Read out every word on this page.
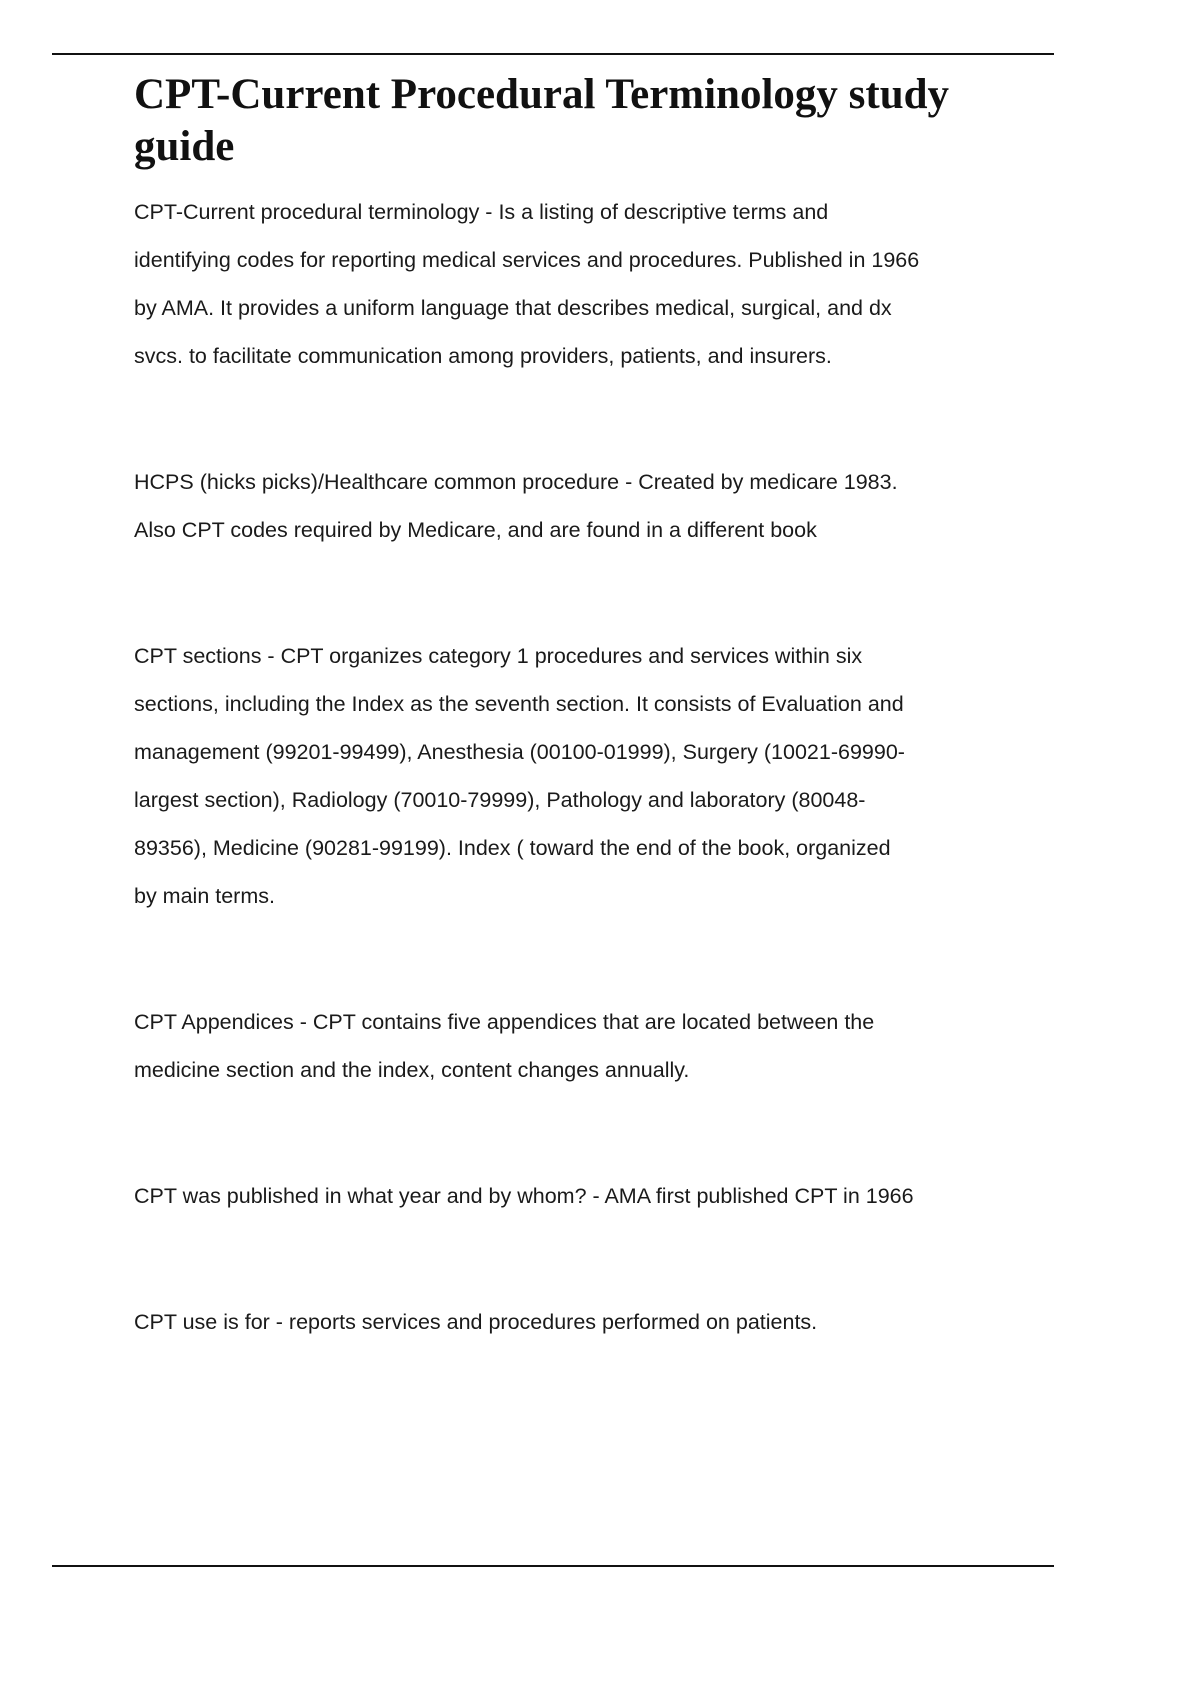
CPT-Current Procedural Terminology study
guide

CPT-Current procedural terminology - Is a listing of descriptive terms and
identifying codes for reporting medical services and procedures. Published in 1966
by AMA. It provides a uniform language that describes medical, surgical, and dx
svcs. to facilitate communication among providers, patients, and insurers.

HCPS (hicks picks)/Healthcare common procedure - Created by medicare 1983.
Also CPT codes required by Medicare, and are found in a different book

CPT sections - CPT organizes category 1 procedures and services within six
sections, including the Index as the seventh section. It consists of Evaluation and
management (99201-99499), Anesthesia (00100-01999), Surgery (10021-69990-
largest section), Radiology (70010-79999), Pathology and laboratory (80048-
89356), Medicine (90281-99199). Index ( toward the end of the book, organized
by main terms.

CPT Appendices - CPT contains five appendices that are located between the
medicine section and the index, content changes annually.

CPT was published in what year and by whom? - AMA first published CPT in 1966

CPT use is for - reports services and procedures performed on patients.
